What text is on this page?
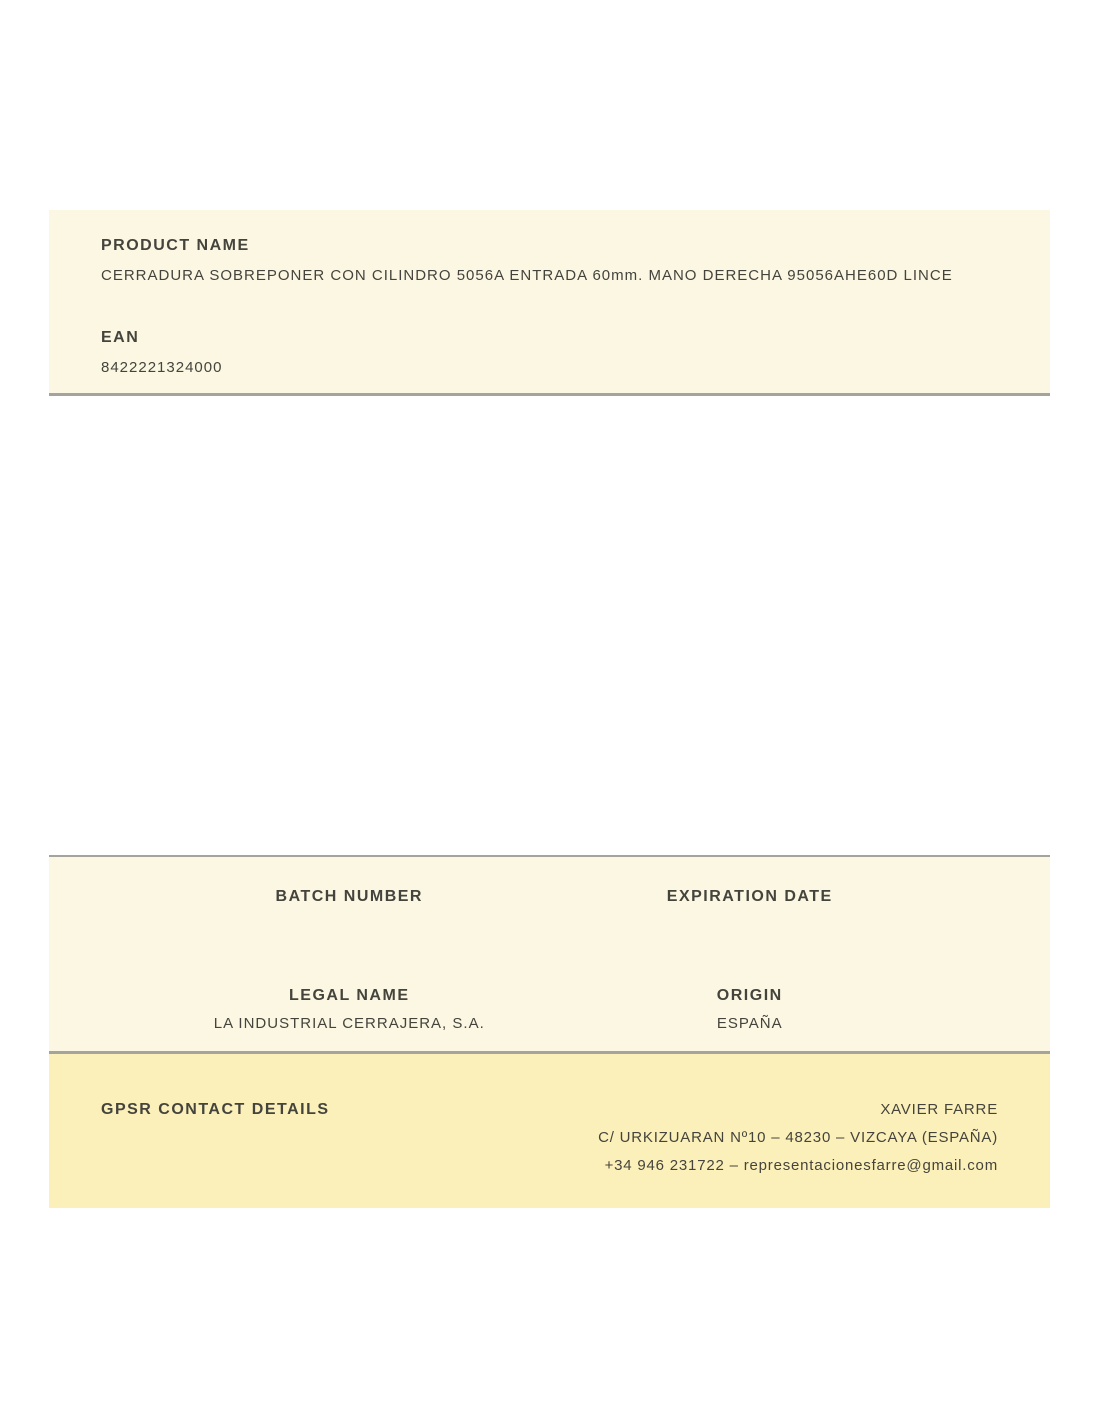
PRODUCT NAME
CERRADURA SOBREPONER CON CILINDRO 5056A ENTRADA 60mm. MANO DERECHA 95056AHE60D LINCE
EAN
8422221324000
BATCH NUMBER	EXPIRATION DATE
LEGAL NAME
LA INDUSTRIAL CERRAJERA, S.A.
ORIGIN
ESPAÑA
GPSR CONTACT DETAILS	XAVIER FARRE
C/ URKIZUARAN Nº10 – 48230 – VIZCAYA (ESPAÑA)
+34 946 231722 – representacionesfarre@gmail.com
